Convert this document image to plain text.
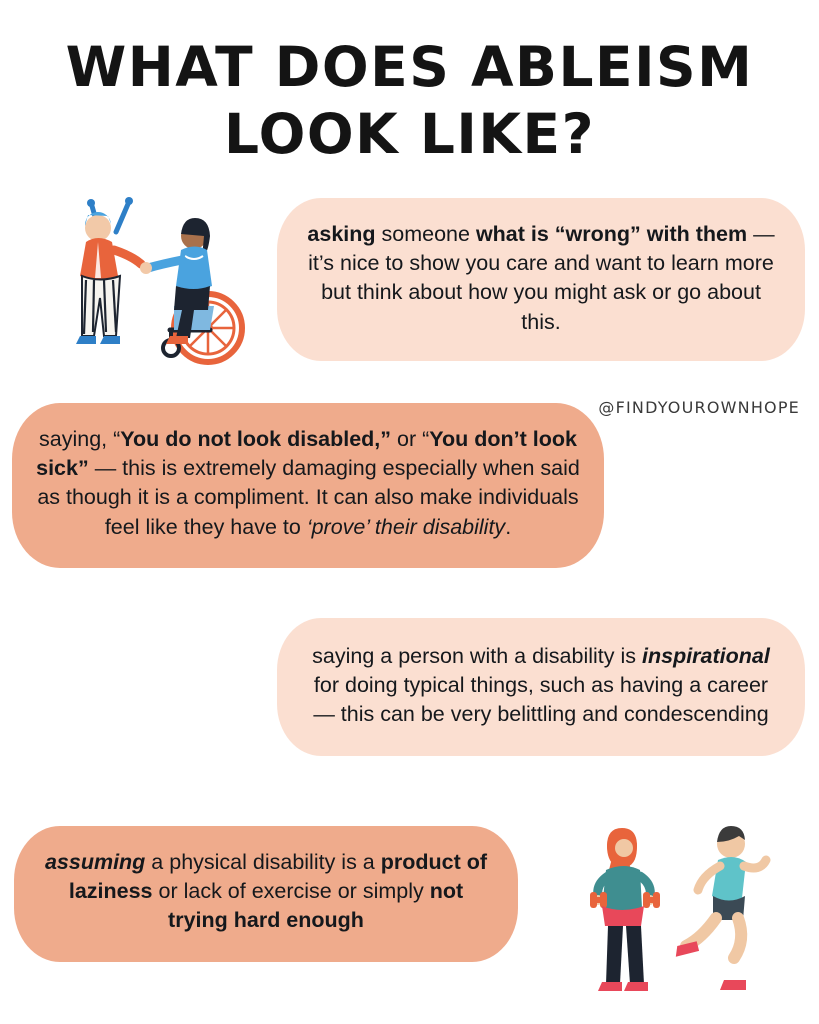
WHAT DOES ABLEISM
LOOK LIKE?
asking someone what is “wrong” with them — it’s nice to show you care and want to learn more but think about how you might ask or go about this.
@FINDYOUROWNHOPE
saying, “You do not look disabled,” or “You don’t look sick” — this is extremely damaging especially when said as though it is a compliment. It can also make individuals feel like they have to ‘prove’ their disability.
saying a person with a disability is inspirational for doing typical things, such as having a career — this can be very belittling and condescending
assuming a physical disability is a product of laziness or lack of exercise or simply not trying hard enough
